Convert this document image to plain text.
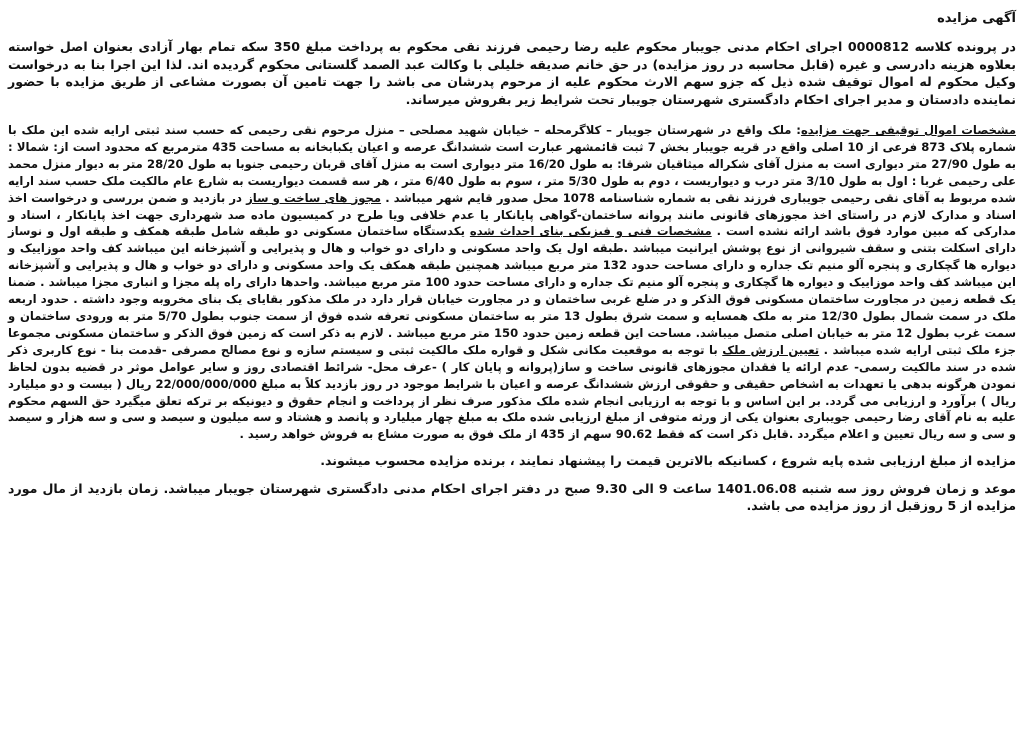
آگهی مزایده

در پرونده کلاسه 0000812 اجرای احکام مدنی جویبار محکوم علیه رضا رحیمی فرزند نقی محکوم به پرداخت مبلغ 350 سکه تمام بهار آزادی بعنوان اصل خواسته بعلاوه هزینه دادرسی و غیره (قابل محاسبه در روز مزایده) در حق خانم صدیقه خلیلی با وکالت عبد الصمد گلستانی محکوم گردیده اند. لذا این اجرا بنا به درخواست وکیل محکوم له اموال توقیف شده ذیل که جزو سهم الارث محکوم علیه از مرحوم پدرشان می باشد را جهت تامین آن بصورت مشاعی از طریق مزایده با حضور نماینده دادستان و مدیر اجرای احکام دادگستری شهرستان جویبار تحت شرایط زیر بفروش میرساند.

مشخصات اموال توقیفی جهت مزایده: ملک واقع در شهرستان جویبار – کلاگرمحله – خیابان شهید مصلحی – منزل مرحوم نقی رحیمی که حسب سند ثبتی ارایه شده این ملک با شماره پلاک 873 فرعی از 10 اصلی واقع در قریه جویبار بخش 7 ثبت قائمشهر عبارت است ششدانگ عرصه و اعیان یکبابخانه به مساحت 435 مترمربع که محدود است از: شمالا : به طول 27/90 متر دیواری است به منزل آقای شکراله میثاقیان شرقا: به طول 16/20 متر دیواری است به منزل آقای قربان رحیمی جنوبا به طول 28/20 متر به دیوار منزل محمد علی رحیمی غربا : اول به طول 3/10 متر درب و دیواریست ، دوم به طول 5/30 متر ، سوم به طول 6/40 متر ، هر سه قسمت دیواریست به شارع عام مالکیت ملک حسب سند ارایه شده مربوط به آقای نقی رحیمی جویباری فرزند نقی به شماره شناسنامه 1078 محل صدور قایم شهر میباشد . مجوز های ساخت و ساز در بازدید و ضمن بررسی و درخواست اخذ اسناد و مدارک لازم در راستای اخذ مجوزهای قانونی مانند پروانه ساختمان-گواهی پایانکار یا عدم خلافی ویا طرح در کمیسیون ماده صد شهرداری جهت اخذ پایانکار ، اسناد و مدارکی که مبین موارد فوق باشد ارائه نشده است . مشخصات فنی و فیزیکی بنای احداث شده یکدستگاه ساختمان مسکونی دو طبقه شامل طبقه همکف و طبقه اول و نوساز دارای اسکلت بتنی و سقف شیروانی از نوع پوشش ایرانیت میباشد .طبقه اول یک واحد مسکونی و دارای دو خواب و هال و پذیرایی و آشپزخانه این میباشد کف واحد موزاییک و دیواره ها گچکاری و پنجره آلو منیم تک جداره و دارای مساحت حدود 132 متر مربع میباشد همچنین طبقه همکف یک واحد مسکونی و دارای دو خواب و هال و پذیرایی و آشپزخانه این میباشد کف واحد موزاییک و دیواره ها گچکاری و پنجره آلو منیم تک جداره و دارای مساحت حدود 100 متر مربع میباشد. واحدها دارای راه پله مجزا و انباری مجزا میباشد . ضمنا یک قطعه زمین در مجاورت ساختمان مسکونی فوق الذکر و در ضلع غربی ساختمان و در مجاورت خیابان قرار دارد در ملک مذکور بقایای یک بنای مخروبه وجود داشته . حدود اربعه ملک در سمت شمال بطول 12/30 متر به ملک همسایه و سمت شرق بطول 13 متر به ساختمان مسکونی تعرفه شده فوق از سمت جنوب بطول 5/70 متر به ورودی ساختمان و سمت غرب بطول 12 متر به خیابان اصلی متصل میباشد. مساحت این قطعه زمین حدود 150 متر مربع میباشد . لازم به ذکر است که زمین فوق الذکر و ساختمان مسکونی مجموعا جزء ملک ثبتی ارایه شده میباشد . تعیین ارزش ملک با توجه به موقعیت مکانی شکل و قواره ملک مالکیت ثبتی و سیستم سازه و نوع مصالح مصرفی -قدمت بنا - نوع کاربری ذکر شده در سند مالکیت رسمی- عدم ارائه یا فقدان مجوزهای قانونی ساخت و ساز(پروانه و پایان کار ) -عرف محل- شرائط اقتصادی روز و سایر عوامل موثر در قضیه بدون لحاظ نمودن هرگونه بدهی یا تعهدات به اشخاص حقیقی و حقوقی ارزش ششدانگ عرصه و اعیان با شرایط موجود در روز بازدید کلاً به مبلغ 22/000/000/000 ریال ( بیست و دو میلیارد ریال ) برآورد و ارزیابی می گردد. بر این اساس و با توجه به ارزیابی انجام شده ملک مذکور صرف نظر از پرداخت و انجام حقوق و دیونیکه بر ترکه تعلق میگیرد حق السهم محکوم علیه به نام آقای رضا رحیمی جویباری بعنوان یکی از ورثه متوفی از مبلغ ارزیابی شده ملک به مبلغ چهار میلیارد و پانصد و هشتاد و سه میلیون و سیصد و سی و سه هزار و سیصد و سی و سه ریال تعیین و اعلام میگردد .قابل ذکر است که فقط 90.62 سهم از 435 از ملک فوق به صورت مشاع به فروش خواهد رسید .

مزایده از مبلغ ارزیابی شده پایه شروع ، کسانیکه بالاترین قیمت را پیشنهاد نمایند ، برنده مزایده محسوب میشوند.

موعد و زمان فروش روز سه شنبه 1401.06.08 ساعت 9 الی 9.30 صبح در دفتر اجرای احکام مدنی دادگستری شهرستان جویبار میباشد. زمان بازدید از مال مورد مزایده از 5 روزقبل از روز مزایده می باشد.
